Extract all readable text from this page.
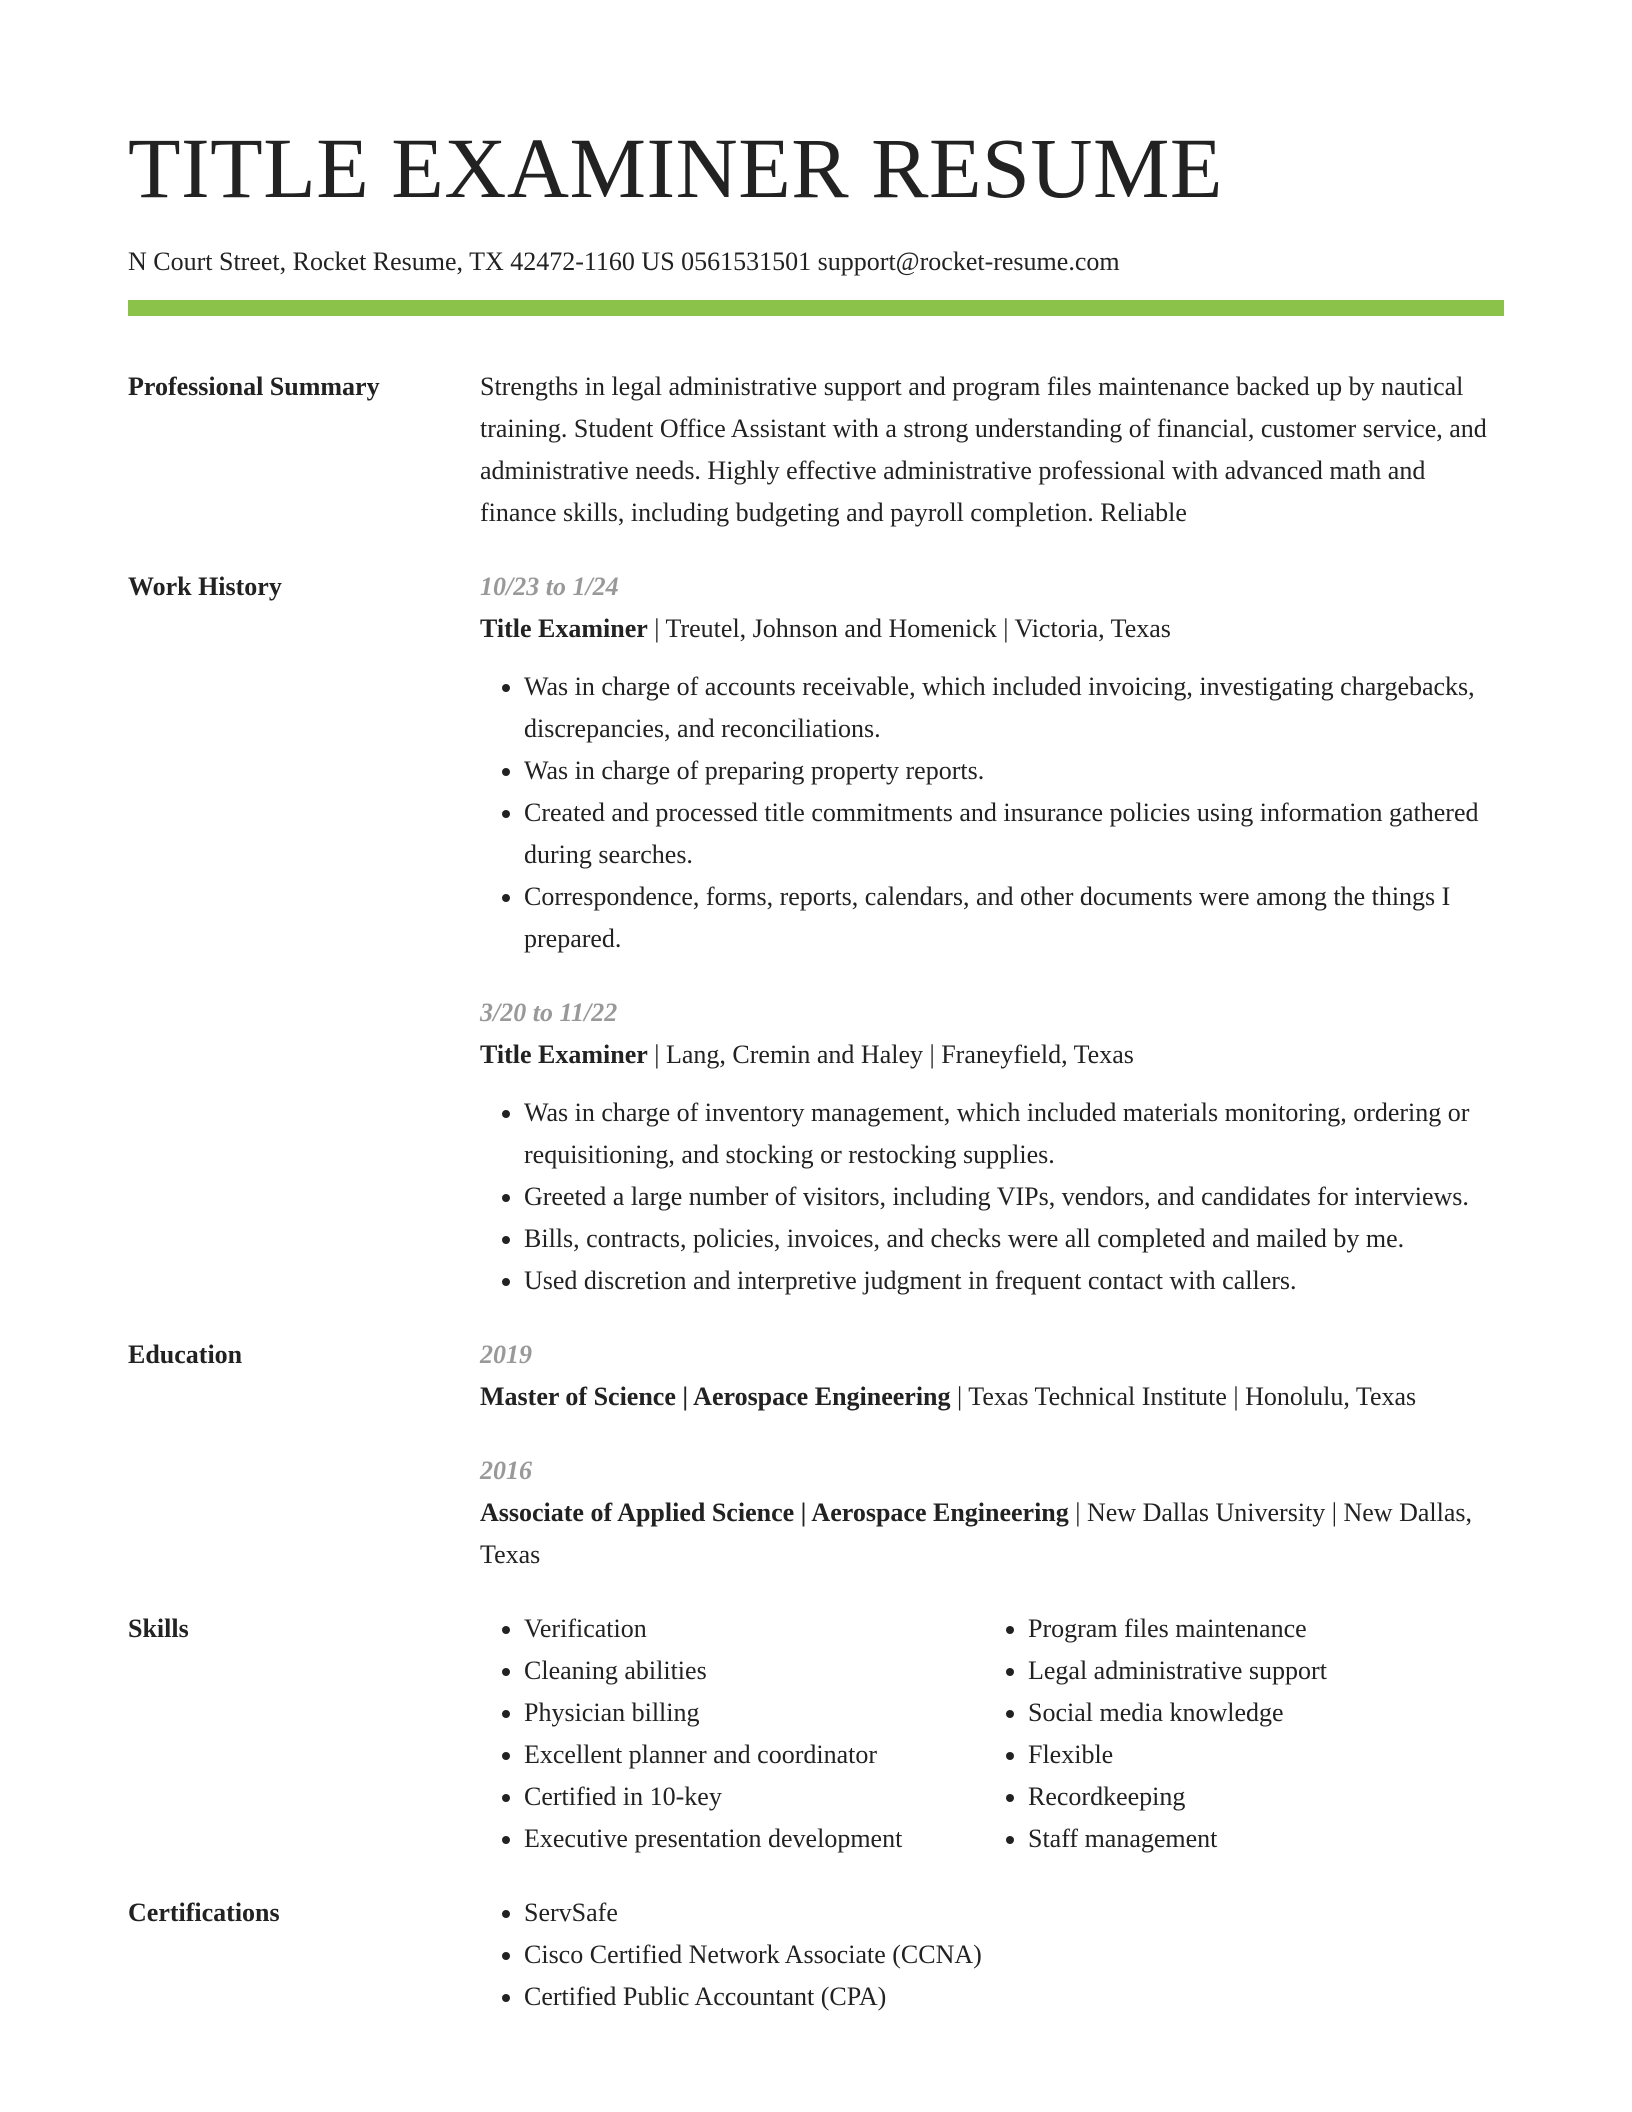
TITLE EXAMINER RESUME
N Court Street, Rocket Resume, TX 42472-1160 US 0561531501 support@rocket-resume.com
Professional Summary	Strengths in legal administrative support and program files maintenance backed up by nautical training. Student Office Assistant with a strong understanding of financial, customer service, and administrative needs. Highly effective administrative professional with advanced math and finance skills, including budgeting and payroll completion. Reliable
Work History	10/23 to 1/24
Title Examiner | Treutel, Johnson and Homenick | Victoria, Texas
• Was in charge of accounts receivable, which included invoicing, investigating chargebacks, discrepancies, and reconciliations.
• Was in charge of preparing property reports.
• Created and processed title commitments and insurance policies using information gathered during searches.
• Correspondence, forms, reports, calendars, and other documents were among the things I prepared.
3/20 to 11/22
Title Examiner | Lang, Cremin and Haley | Franeyfield, Texas
• Was in charge of inventory management, which included materials monitoring, ordering or requisitioning, and stocking or restocking supplies.
• Greeted a large number of visitors, including VIPs, vendors, and candidates for interviews.
• Bills, contracts, policies, invoices, and checks were all completed and mailed by me.
• Used discretion and interpretive judgment in frequent contact with callers.
Education	2019
Master of Science | Aerospace Engineering | Texas Technical Institute | Honolulu, Texas
2016
Associate of Applied Science | Aerospace Engineering | New Dallas University | New Dallas, Texas
Skills	• Verification
• Cleaning abilities
• Physician billing
• Excellent planner and coordinator
• Certified in 10-key
• Executive presentation development
• Program files maintenance
• Legal administrative support
• Social media knowledge
• Flexible
• Recordkeeping
• Staff management
Certifications	• ServSafe
• Cisco Certified Network Associate (CCNA)
• Certified Public Accountant (CPA)
